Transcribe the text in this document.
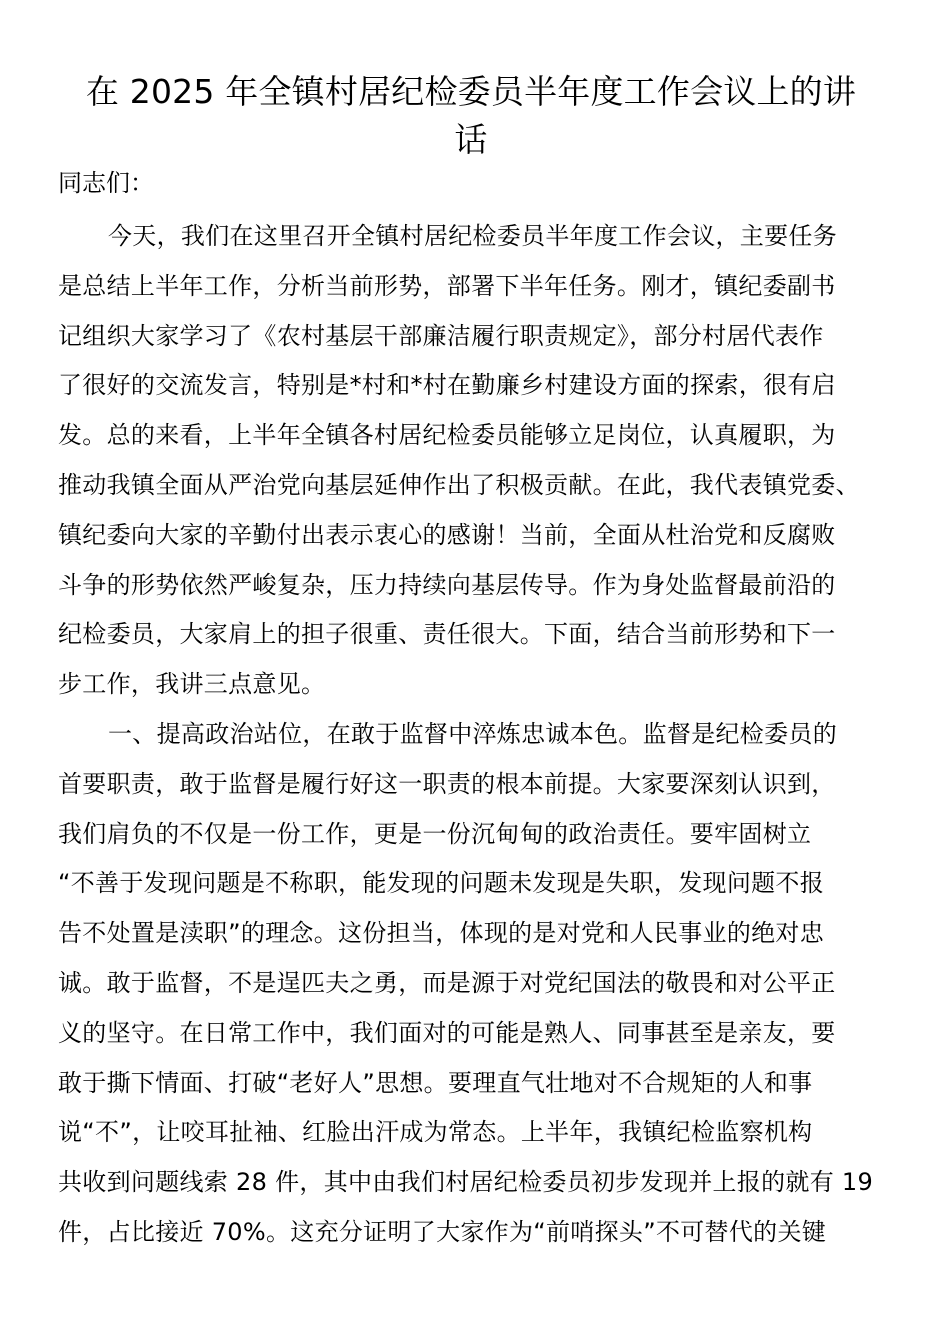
在 2025 年全镇村居纪检委员半年度工作会议上的讲
话

同志们：

今天，我们在这里召开全镇村居纪检委员半年度工作会议，主要任务
是总结上半年工作，分析当前形势，部署下半年任务。刚才，镇纪委副书
记组织大家学习了《农村基层干部廉洁履行职责规定》，部分村居代表作
了很好的交流发言，特别是*村和*村在勤廉乡村建设方面的探索，很有启
发。总的来看，上半年全镇各村居纪检委员能够立足岗位，认真履职，为
推动我镇全面从严治党向基层延伸作出了积极贡献。在此，我代表镇党委、
镇纪委向大家的辛勤付出表示衷心的感谢！当前，全面从杜治党和反腐败
斗争的形势依然严峻复杂，压力持续向基层传导。作为身处监督最前沿的
纪检委员，大家肩上的担子很重、责任很大。下面，结合当前形势和下一
步工作，我讲三点意见。
一、提高政治站位，在敢于监督中淬炼忠诚本色。监督是纪检委员的
首要职责，敢于监督是履行好这一职责的根本前提。大家要深刻认识到，
我们肩负的不仅是一份工作，更是一份沉甸甸的政治责任。要牢固树立
“不善于发现问题是不称职，能发现的问题未发现是失职，发现问题不报
告不处置是渎职”的理念。这份担当，体现的是对党和人民事业的绝对忠
诚。敢于监督，不是逞匹夫之勇，而是源于对党纪国法的敬畏和对公平正
义的坚守。在日常工作中，我们面对的可能是熟人、同事甚至是亲友，要
敢于撕下情面、打破“老好人”思想。要理直气壮地对不合规矩的人和事
说“不”，让咬耳扯袖、红脸出汗成为常态。上半年，我镇纪检监察机构
共收到问题线索 28 件，其中由我们村居纪检委员初步发现并上报的就有 19
件，占比接近 70%。这充分证明了大家作为“前哨探头”不可替代的关键
